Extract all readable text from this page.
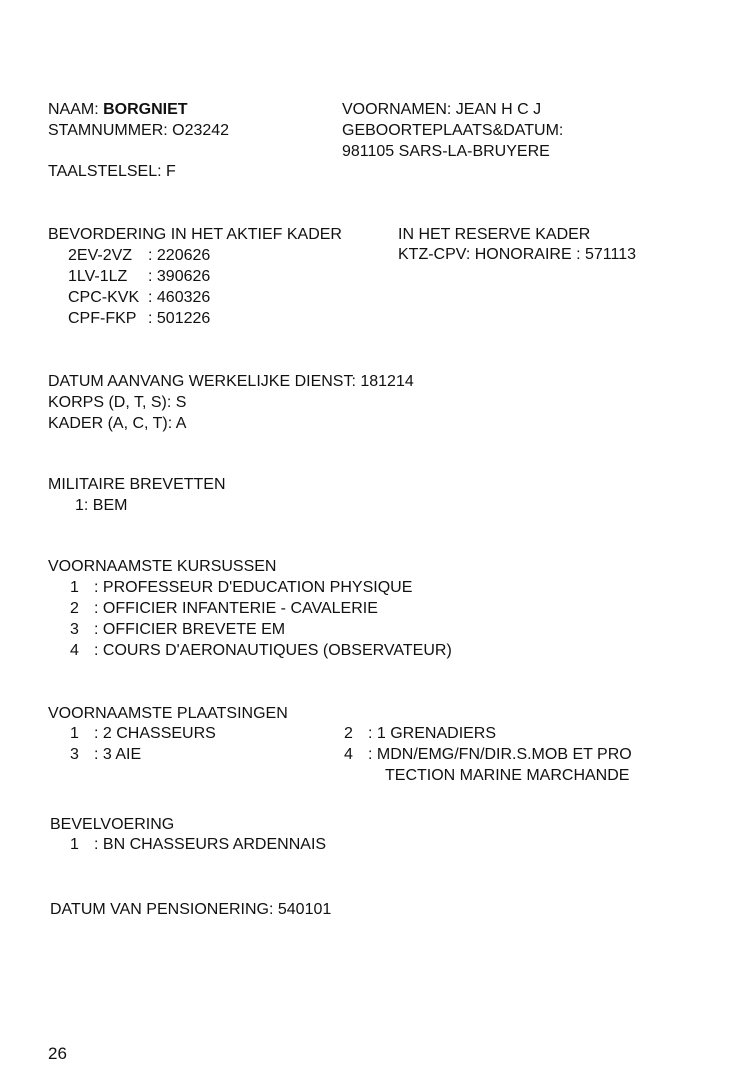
NAAM: BORGNIET
STAMNUMMER: O23242
TAALSTELSEL: F
VOORNAMEN: JEAN H C J
GEBOORTEPLAATS&DATUM:
981105 SARS-LA-BRUYERE
BEVORDERING IN HET AKTIEF KADER	IN HET RESERVE KADER
KTZ-CPV: HONORAIRE : 571113
2EV-2VZ : 220626
1LV-1LZ : 390626
CPC-KVK : 460326
CPF-FKP : 501226
DATUM AANVANG WERKELIJKE DIENST: 181214
KORPS (D, T, S): S
KADER (A, C, T): A
MILITAIRE BREVETTEN
1: BEM
VOORNAAMSTE KURSUSSEN
1 : PROFESSEUR D'EDUCATION PHYSIQUE
2 : OFFICIER INFANTERIE - CAVALERIE
3 : OFFICIER BREVETE EM
4 : COURS D'AERONAUTIQUES (OBSERVATEUR)
VOORNAAMSTE PLAATSINGEN
1 : 2 CHASSEURS
3 : 3 AIE
2 : 1 GRENADIERS
4 : MDN/EMG/FN/DIR.S.MOB ET PRO
TECTION MARINE MARCHANDE
BEVELVOERING
1 : BN CHASSEURS ARDENNAIS
DATUM VAN PENSIONERING: 540101
26
